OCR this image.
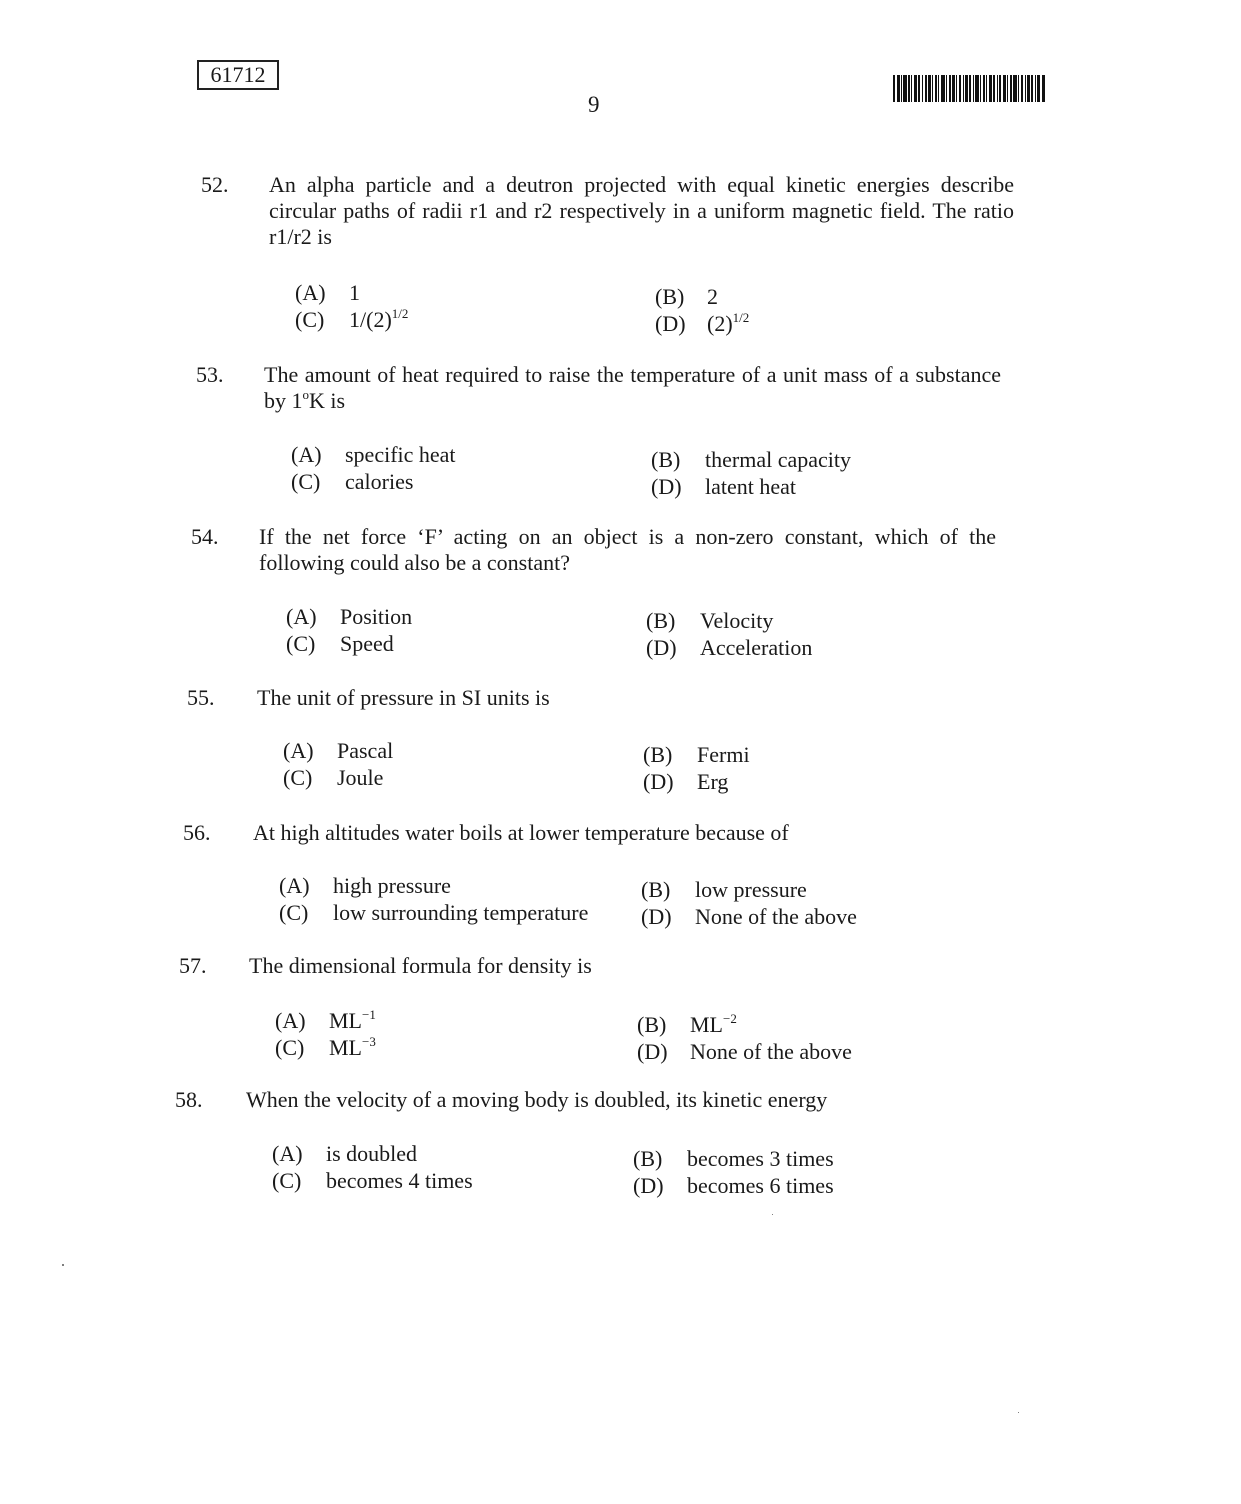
61712
9
52. An alpha particle and a deutron projected with equal kinetic energies describe circular paths of radii r1 and r2 respectively in a uniform magnetic field. The ratio r1/r2 is
(A) 1
(C) $1/(2)^{1/2}$
(B) 2
(D) $(2)^{1/2}$
53. The amount of heat required to raise the temperature of a unit mass of a substance by 1$^o$K is
(A) specific heat
(C) calories
(B) thermal capacity
(D) latent heat
54. If the net force ‘F’ acting on an object is a non-zero constant, which of the following could also be a constant?
(A) Position
(C) Speed
(B) Velocity
(D) Acceleration
55. The unit of pressure in SI units is
(A) Pascal
(C) Joule
(B) Fermi
(D) Erg
56. At high altitudes water boils at lower temperature because of
(A) high pressure
(C) low surrounding temperature
(B) low pressure
(D) None of the above
57. The dimensional formula for density is
(A) $ML^{-1}$
(C) $ML^{-3}$
(B) $ML^{-2}$
(D) None of the above
58. When the velocity of a moving body is doubled, its kinetic energy
(A) is doubled
(C) becomes 4 times
(B) becomes 3 times
(D) becomes 6 times
